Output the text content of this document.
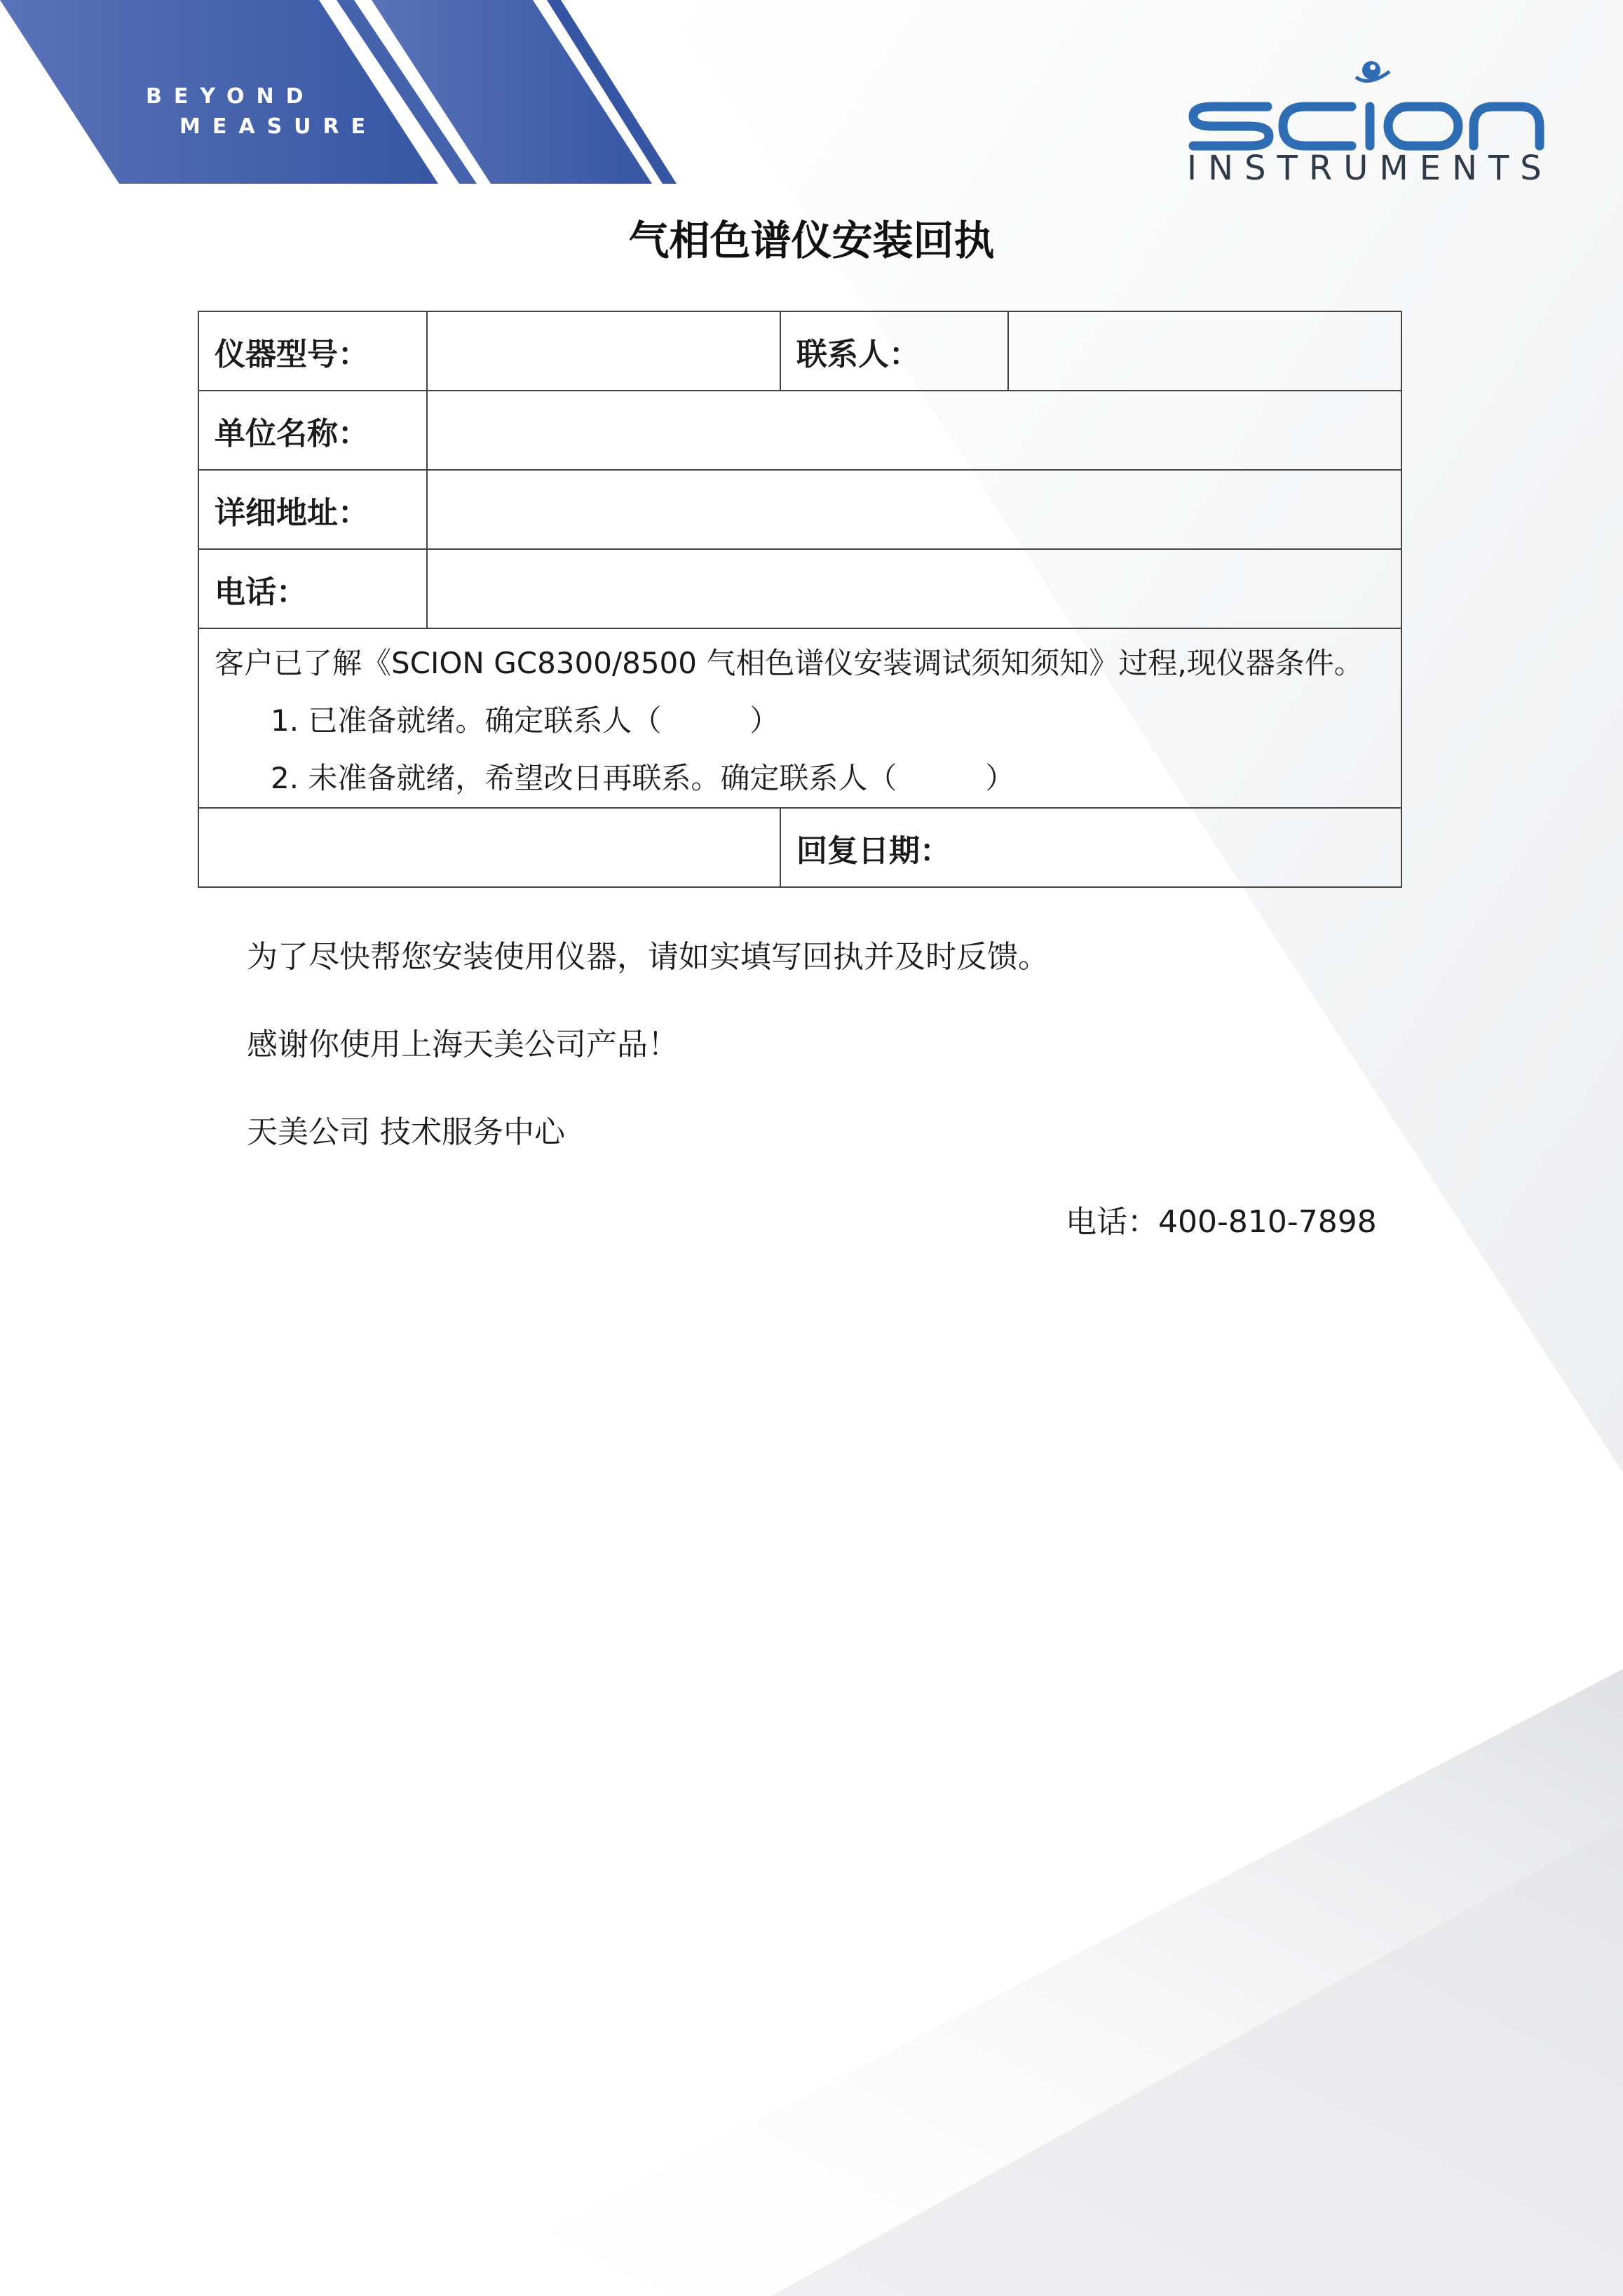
BEYOND
MEASURE
INSTRUMENTS
气相色谱仪安装回执
仪器型号：		联系人：	
单位名称：			
详细地址：			
电话：			

客户已了解《SCION GC8300/8500 气相色谱仪安装调试须知须知》过程,现仪器条件。
1. 已准备就绪。确定联系人（　　　）
2. 未准备就绪，希望改日再联系。确定联系人（　　　）			

		回复日期：	
为了尽快帮您安装使用仪器，请如实填写回执并及时反馈。
感谢你使用上海天美公司产品！
天美公司 技术服务中心
电话：400-810-7898
